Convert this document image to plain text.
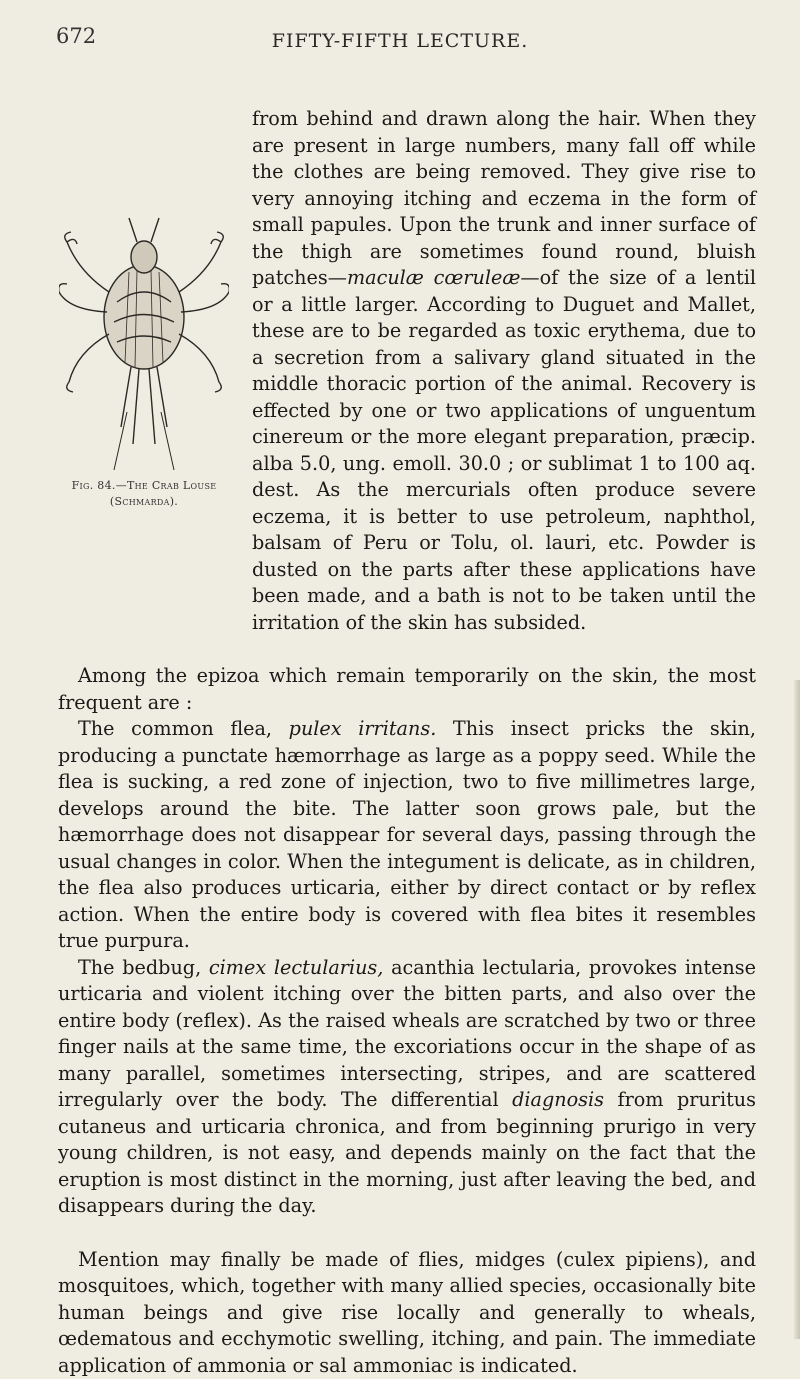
672	FIFTY-FIFTH LECTURE.
Fig. 84.—The Crab Louse
(Schmarda).

from behind and drawn along the hair. When they are present in large numbers, many fall off while the clothes are being removed. They give rise to very annoying itching and eczema in the form of small papules. Upon the trunk and inner surface of the thigh are sometimes found round, bluish patches—maculæ cœruleæ—of the size of a lentil or a little larger. According to Duguet and Mallet, these are to be regarded as toxic erythema, due to a secretion from a salivary gland situated in the middle thoracic portion of the animal. Recovery is effected by one or two applications of unguentum cinereum or the more elegant preparation, præcip. alba 5.0, ung. emoll. 30.0 ; or sublimat 1 to 100 aq. dest. As the mercurials often produce severe eczema, it is better to use petroleum, naphthol, balsam of Peru or Tolu, ol. lauri, etc. Powder is dusted on the parts after these applications have been made, and a bath is not to be taken until the irritation of the skin has subsided.

Among the epizoa which remain temporarily on the skin, the most frequent are :

The common flea, pulex irritans. This insect pricks the skin, producing a punctate hæmorrhage as large as a poppy seed. While the flea is sucking, a red zone of injection, two to five millimetres large, develops around the bite. The latter soon grows pale, but the hæmorrhage does not disappear for several days, passing through the usual changes in color. When the integument is delicate, as in children, the flea also produces urticaria, either by direct contact or by reflex action. When the entire body is covered with flea bites it resembles true purpura.

The bedbug, cimex lectularius, acanthia lectularia, provokes intense urticaria and violent itching over the bitten parts, and also over the entire body (reflex). As the raised wheals are scratched by two or three finger nails at the same time, the excoriations occur in the shape of as many parallel, sometimes intersecting, stripes, and are scattered irregularly over the body. The differential diagnosis from pruritus cutaneus and urticaria chronica, and from beginning prurigo in very young children, is not easy, and depends mainly on the fact that the eruption is most distinct in the morning, just after leaving the bed, and disappears during the day.

Mention may finally be made of flies, midges (culex pipiens), and mosquitoes, which, together with many allied species, occasionally bite human beings and give rise locally and generally to wheals, œdematous and ecchymotic swelling, itching, and pain. The immediate application of ammonia or sal ammoniac is indicated.
